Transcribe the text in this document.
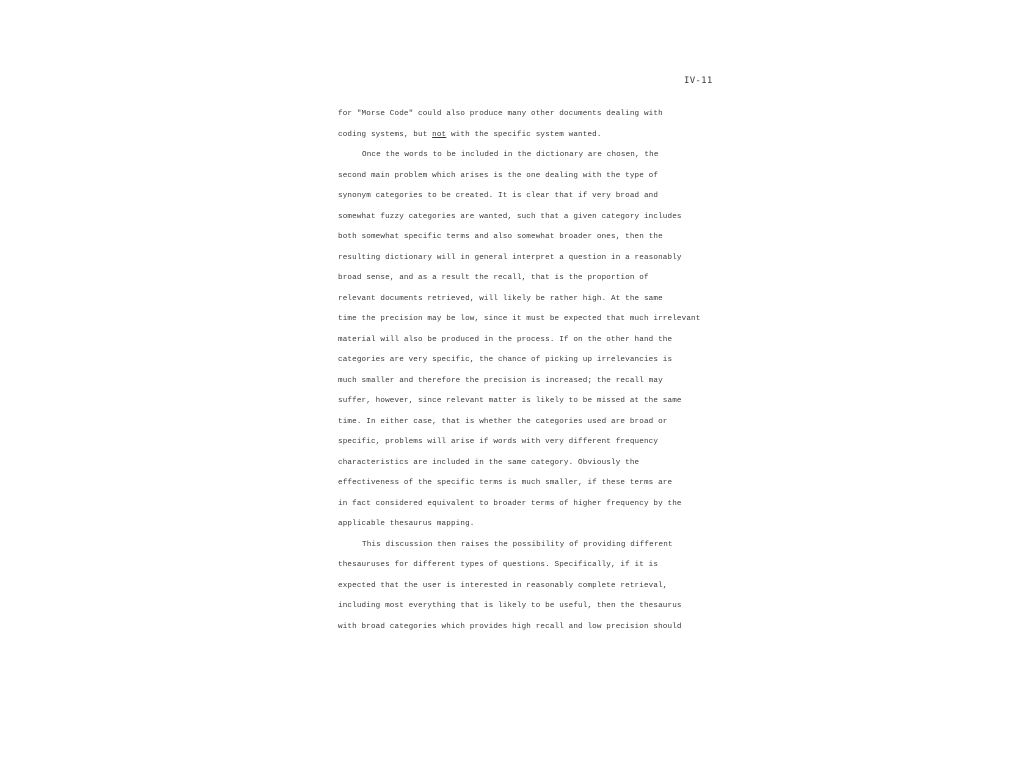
IV-11
for "Morse Code" could also produce many other documents dealing with
coding systems, but not with the specific system wanted.
Once the words to be included in the dictionary are chosen, the
second main problem which arises is the one dealing with the type of
synonym categories to be created. It is clear that if very broad and
somewhat fuzzy categories are wanted, such that a given category includes
both somewhat specific terms and also somewhat broader ones, then the
resulting dictionary will in general interpret a question in a reasonably
broad sense, and as a result the recall, that is the proportion of
relevant documents retrieved, will likely be rather high. At the same
time the precision may be low, since it must be expected that much irrelevant
material will also be produced in the process. If on the other hand the
categories are very specific, the chance of picking up irrelevancies is
much smaller and therefore the precision is increased; the recall may
suffer, however, since relevant matter is likely to be missed at the same
time. In either case, that is whether the categories used are broad or
specific, problems will arise if words with very different frequency
characteristics are included in the same category. Obviously the
effectiveness of the specific terms is much smaller, if these terms are
in fact considered equivalent to broader terms of higher frequency by the
applicable thesaurus mapping.
This discussion then raises the possibility of providing different
thesauruses for different types of questions. Specifically, if it is
expected that the user is interested in reasonably complete retrieval,
including most everything that is likely to be useful, then the thesaurus
with broad categories which provides high recall and low precision should
